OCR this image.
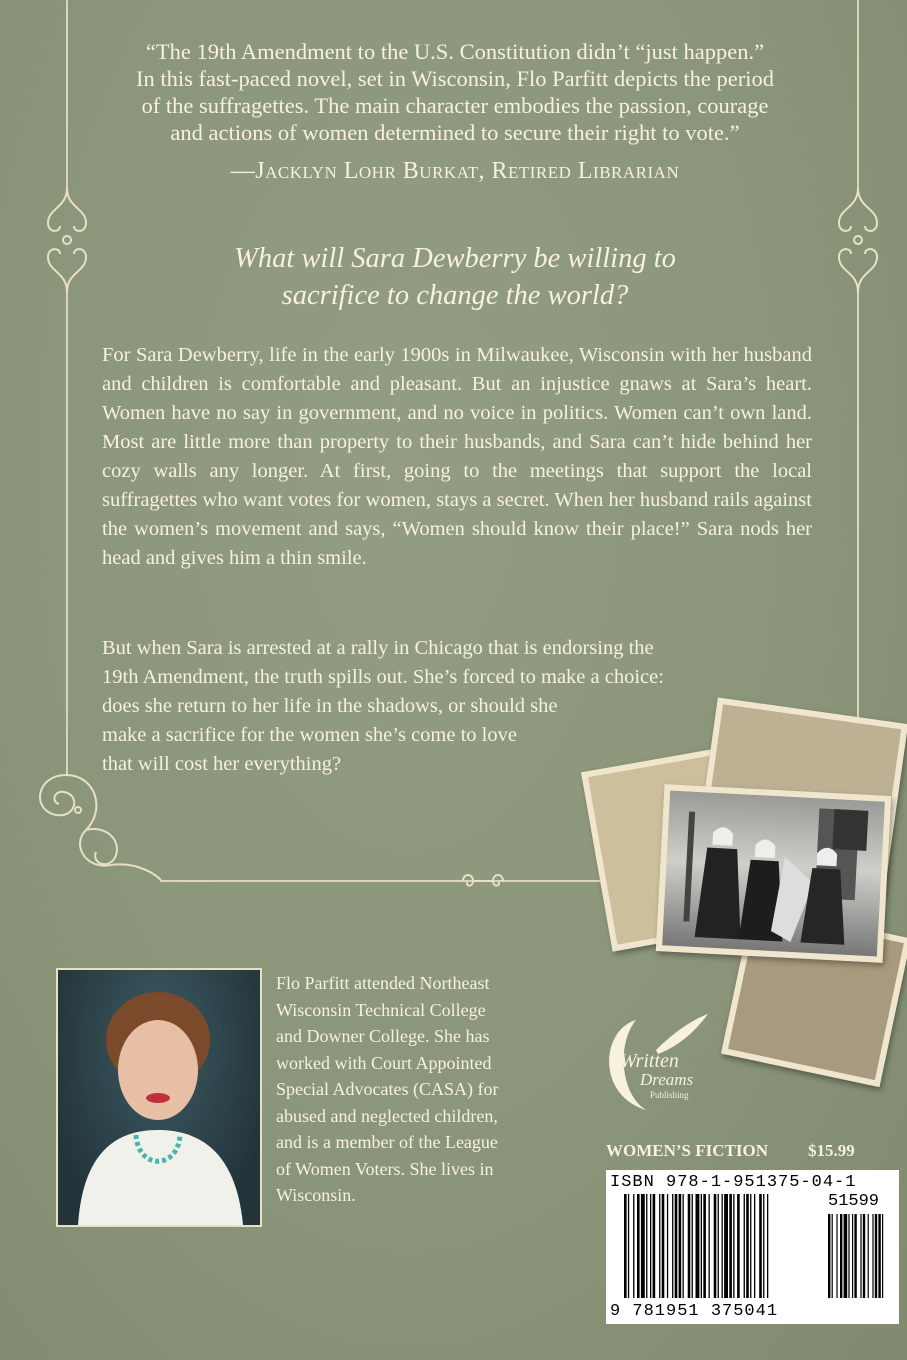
“The 19th Amendment to the U.S. Constitution didn’t “just happen.”
In this fast-paced novel, set in Wisconsin, Flo Parfitt depicts the period
of the suffragettes. The main character embodies the passion, courage
and actions of women determined to secure their right to vote.”
—Jacklyn Lohr Burkat, Retired Librarian
What will Sara Dewberry be willing to
sacrifice to change the world?

For Sara Dewberry, life in the early 1900s in Milwaukee, Wisconsin with her husband and children is comfortable and pleasant. But an injustice gnaws at Sara’s heart. Women have no say in government, and no voice in politics. Women can’t own land. Most are little more than property to their husbands, and Sara can’t hide behind her cozy walls any longer. At first, going to the meetings that support the local suffragettes who want votes for women, stays a secret. When her husband rails against the women’s movement and says, “Women should know their place!” Sara nods her head and gives him a thin smile.

But when Sara is arrested at a rally in Chicago that is endorsing the
19th Amendment, the truth spills out. She’s forced to make a choice:
does she return to her life in the shadows, or should she
make a sacrifice for the women she’s come to love
that will cost her everything?
Flo Parfitt attended Northeast
Wisconsin Technical College
and Downer College. She has
worked with Court Appointed
Special Advocates (CASA) for
abused and neglected children,
and is a member of the League
of Women Voters. She lives in
Wisconsin.
Written
Dreams
Publishing
WOMEN’S FICTION $15.99
ISBN 978-1-951375-04-1
51599
9 781951 375041
